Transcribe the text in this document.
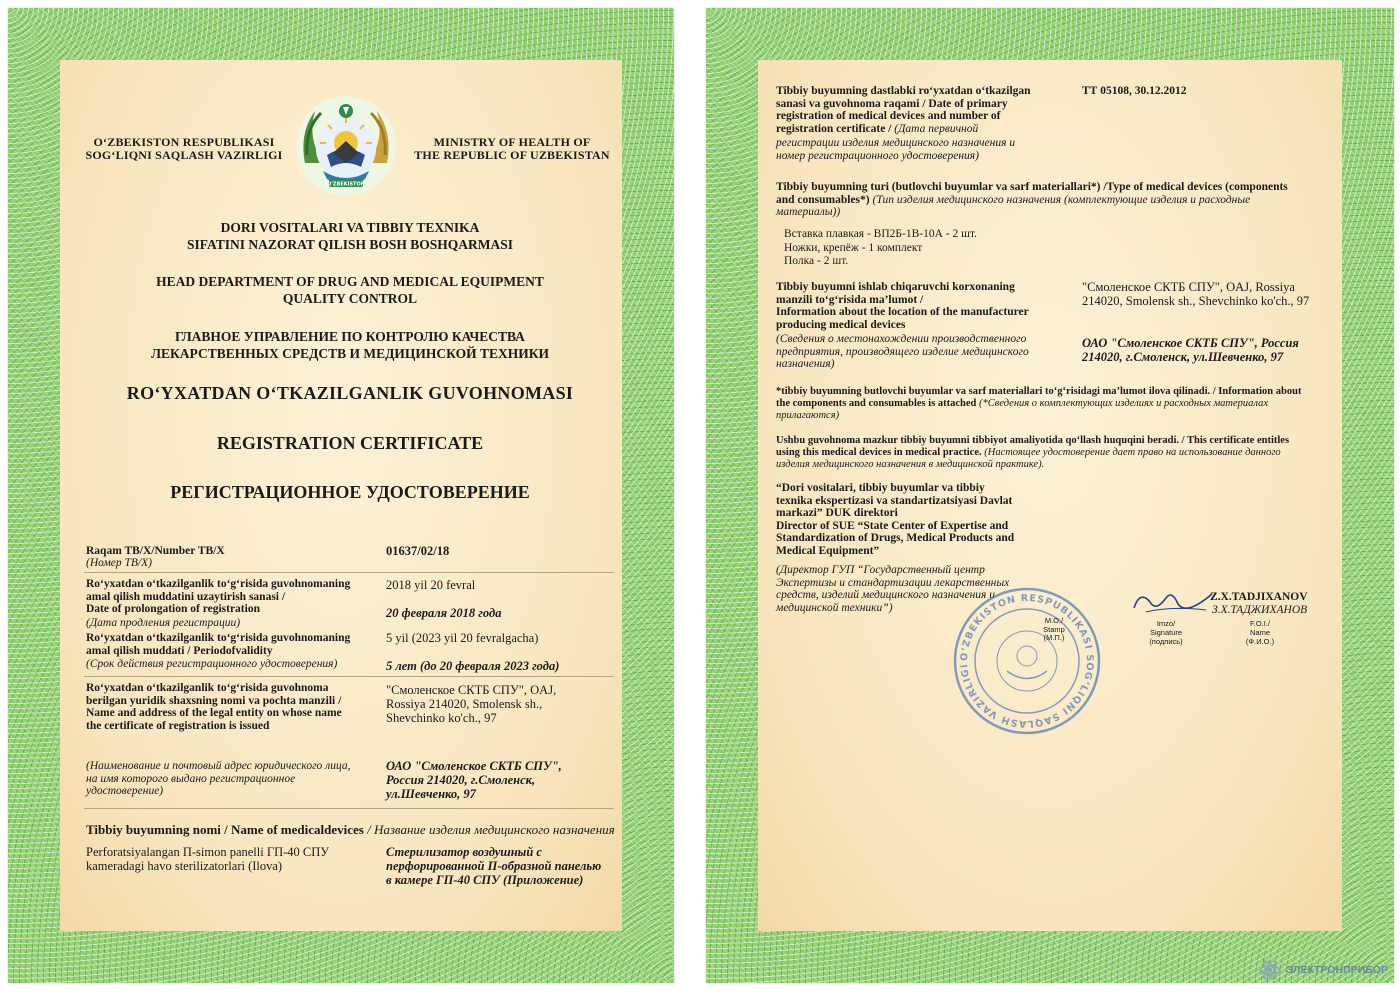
O‘ZBEKISTON RESPUBLIKASI
SOG‘LIQNI SAQLASH VAZIRLIGI
MINISTRY OF HEALTH OF
THE REPUBLIC OF UZBEKISTAN
O'ZBEKISTON
DORI VOSITALARI VA TIBBIY TEXNIKA
SIFATINI NAZORAT QILISH BOSH BOSHQARMASI
HEAD DEPARTMENT OF DRUG AND MEDICAL EQUIPMENT
QUALITY CONTROL
ГЛАВНОЕ УПРАВЛЕНИЕ ПО КОНТРОЛЮ КАЧЕСТВА
ЛЕКАРСТВЕННЫХ СРЕДСТВ И МЕДИЦИНСКОЙ ТЕХНИКИ
RO‘YXATDAN O‘TKAZILGANLIK GUVOHNOMASI
REGISTRATION CERTIFICATE
РЕГИСТРАЦИОННОЕ УДОСТОВЕРЕНИЕ
Raqam TB/X/Number TB/X
(Номер ТВ/Х)
01637/02/18
Ro‘yxatdan o‘tkazilganlik to‘g‘risida guvohnomaning
amal qilish muddatini uzaytirish sanasi /
Date of prolongation of registration
(Дата продления регистрации)
2018 yil 20 fevral
20 февраля 2018 года
Ro‘yxatdan o‘tkazilganlik to‘g‘risida guvohnomaning
amal qilish muddati / Periodofvalidity
(Срок действия регистрационного удостоверения)
5 yil (2023 yil 20 fevralgacha)
5 лет (до 20 февраля 2023 года)
Ro‘yxatdan o‘tkazilganlik to‘g‘risida guvohnoma
berilgan yuridik shaxsning nomi va pochta manzili /
Name and address of the legal entity on whose name
the certificate of registration is issued
"Смоленское СКТБ СПУ", OAJ,
Rossiya 214020, Smolensk sh.,
Shevchinko ko'ch., 97
(Наименование и почтовый адрес юридического лица,
на имя которого выдано регистрационное
удостоверение)
ОАО "Смоленское СКТБ СПУ",
Россия 214020, г.Смоленск,
ул.Шевченко, 97
Tibbiy buyumning nomi / Name of medicaldevices / Название изделия медицинского назначения
Perforatsiyalangan П-simon panelli ГП-40 СПУ
kameradagi havo sterilizatorlari (Ilova)
Стерилизатор воздушный с
перфорированной П-образной панелью
в камере ГП-40 СПУ (Приложение)
Tibbiy buyumning dastlabki ro‘yxatdan o‘tkazilgan
sanasi va guvohnoma raqami / Date of primary
registration of medical devices and number of
registration certificate / (Дата первичной
регистрации изделия медицинского назначения и
номер регистрационного удостоверения)
ТТ 05108, 30.12.2012
Tibbiy buyumning turi (butlovchi buyumlar va sarf materiallari*) /Type of medical devices (components
and consumables*) (Тип изделия медицинского назначения (комплектующие изделия и расходные
материалы))
Вставка плавкая - ВП2Б-1В-10А - 2 шт.
Ножки, крепёж - 1 комплект
Полка - 2 шт.
Tibbiy buyumni ishlab chiqaruvchi korxonaning
manzili to‘g‘risida ma’lumot /
Information about the location of the manufacturer
producing medical devices
(Сведения о местонахождении производственного
предприятия, производящего изделие медицинского
назначения)
"Смоленское СКТБ СПУ", OAJ, Rossiya
214020, Smolensk sh., Shevchinko ko'ch., 97
ОАО "Смоленское СКТБ СПУ", Россия
214020, г.Смоленск, ул.Шевченко, 97
*tibbiy buyumning butlovchi buyumlar va sarf materiallari to‘g‘risidagi ma’lumot ilova qilinadi. / Information about
the components and consumables is attached (*Сведения о комплектующих изделиях и расходных материалах
прилагаются)
Ushbu guvohnoma mazkur tibbiy buyumni tibbiyot amaliyotida qo‘llash huquqini beradi. / This certificate entitles
using this medical devices in medical practice. (Настоящее удостоверение дает право на использование данного
изделия медицинского назначения в медицинской практике).
“Dori vositalari, tibbiy buyumlar va tibbiy
texnika ekspertizasi va standartizatsiyasi Davlat
markazi” DUK direktori
Director of SUE “State Center of Expertise and
Standardization of Drugs, Medical Products and
Medical Equipment”
(Директор ГУП “Государственный центр
Экспертизы и стандартизации лекарственных
средств, изделий медицинского назначения и
медицинской техники”)
O‘ZBEKISTON RESPUBLIKASI SOG‘LIQNI SAQLASH VAZIRLIGI
M.O./
Stamp
(M.П.)
Imzo/
Signature
(подпись)
Z.X.TADJIXANOV
З.Х.ТАДЖИХАНОВ
F.O.I./
Name
(Ф.И.О.)
ЭЛЕКТРОНПРИБОР
